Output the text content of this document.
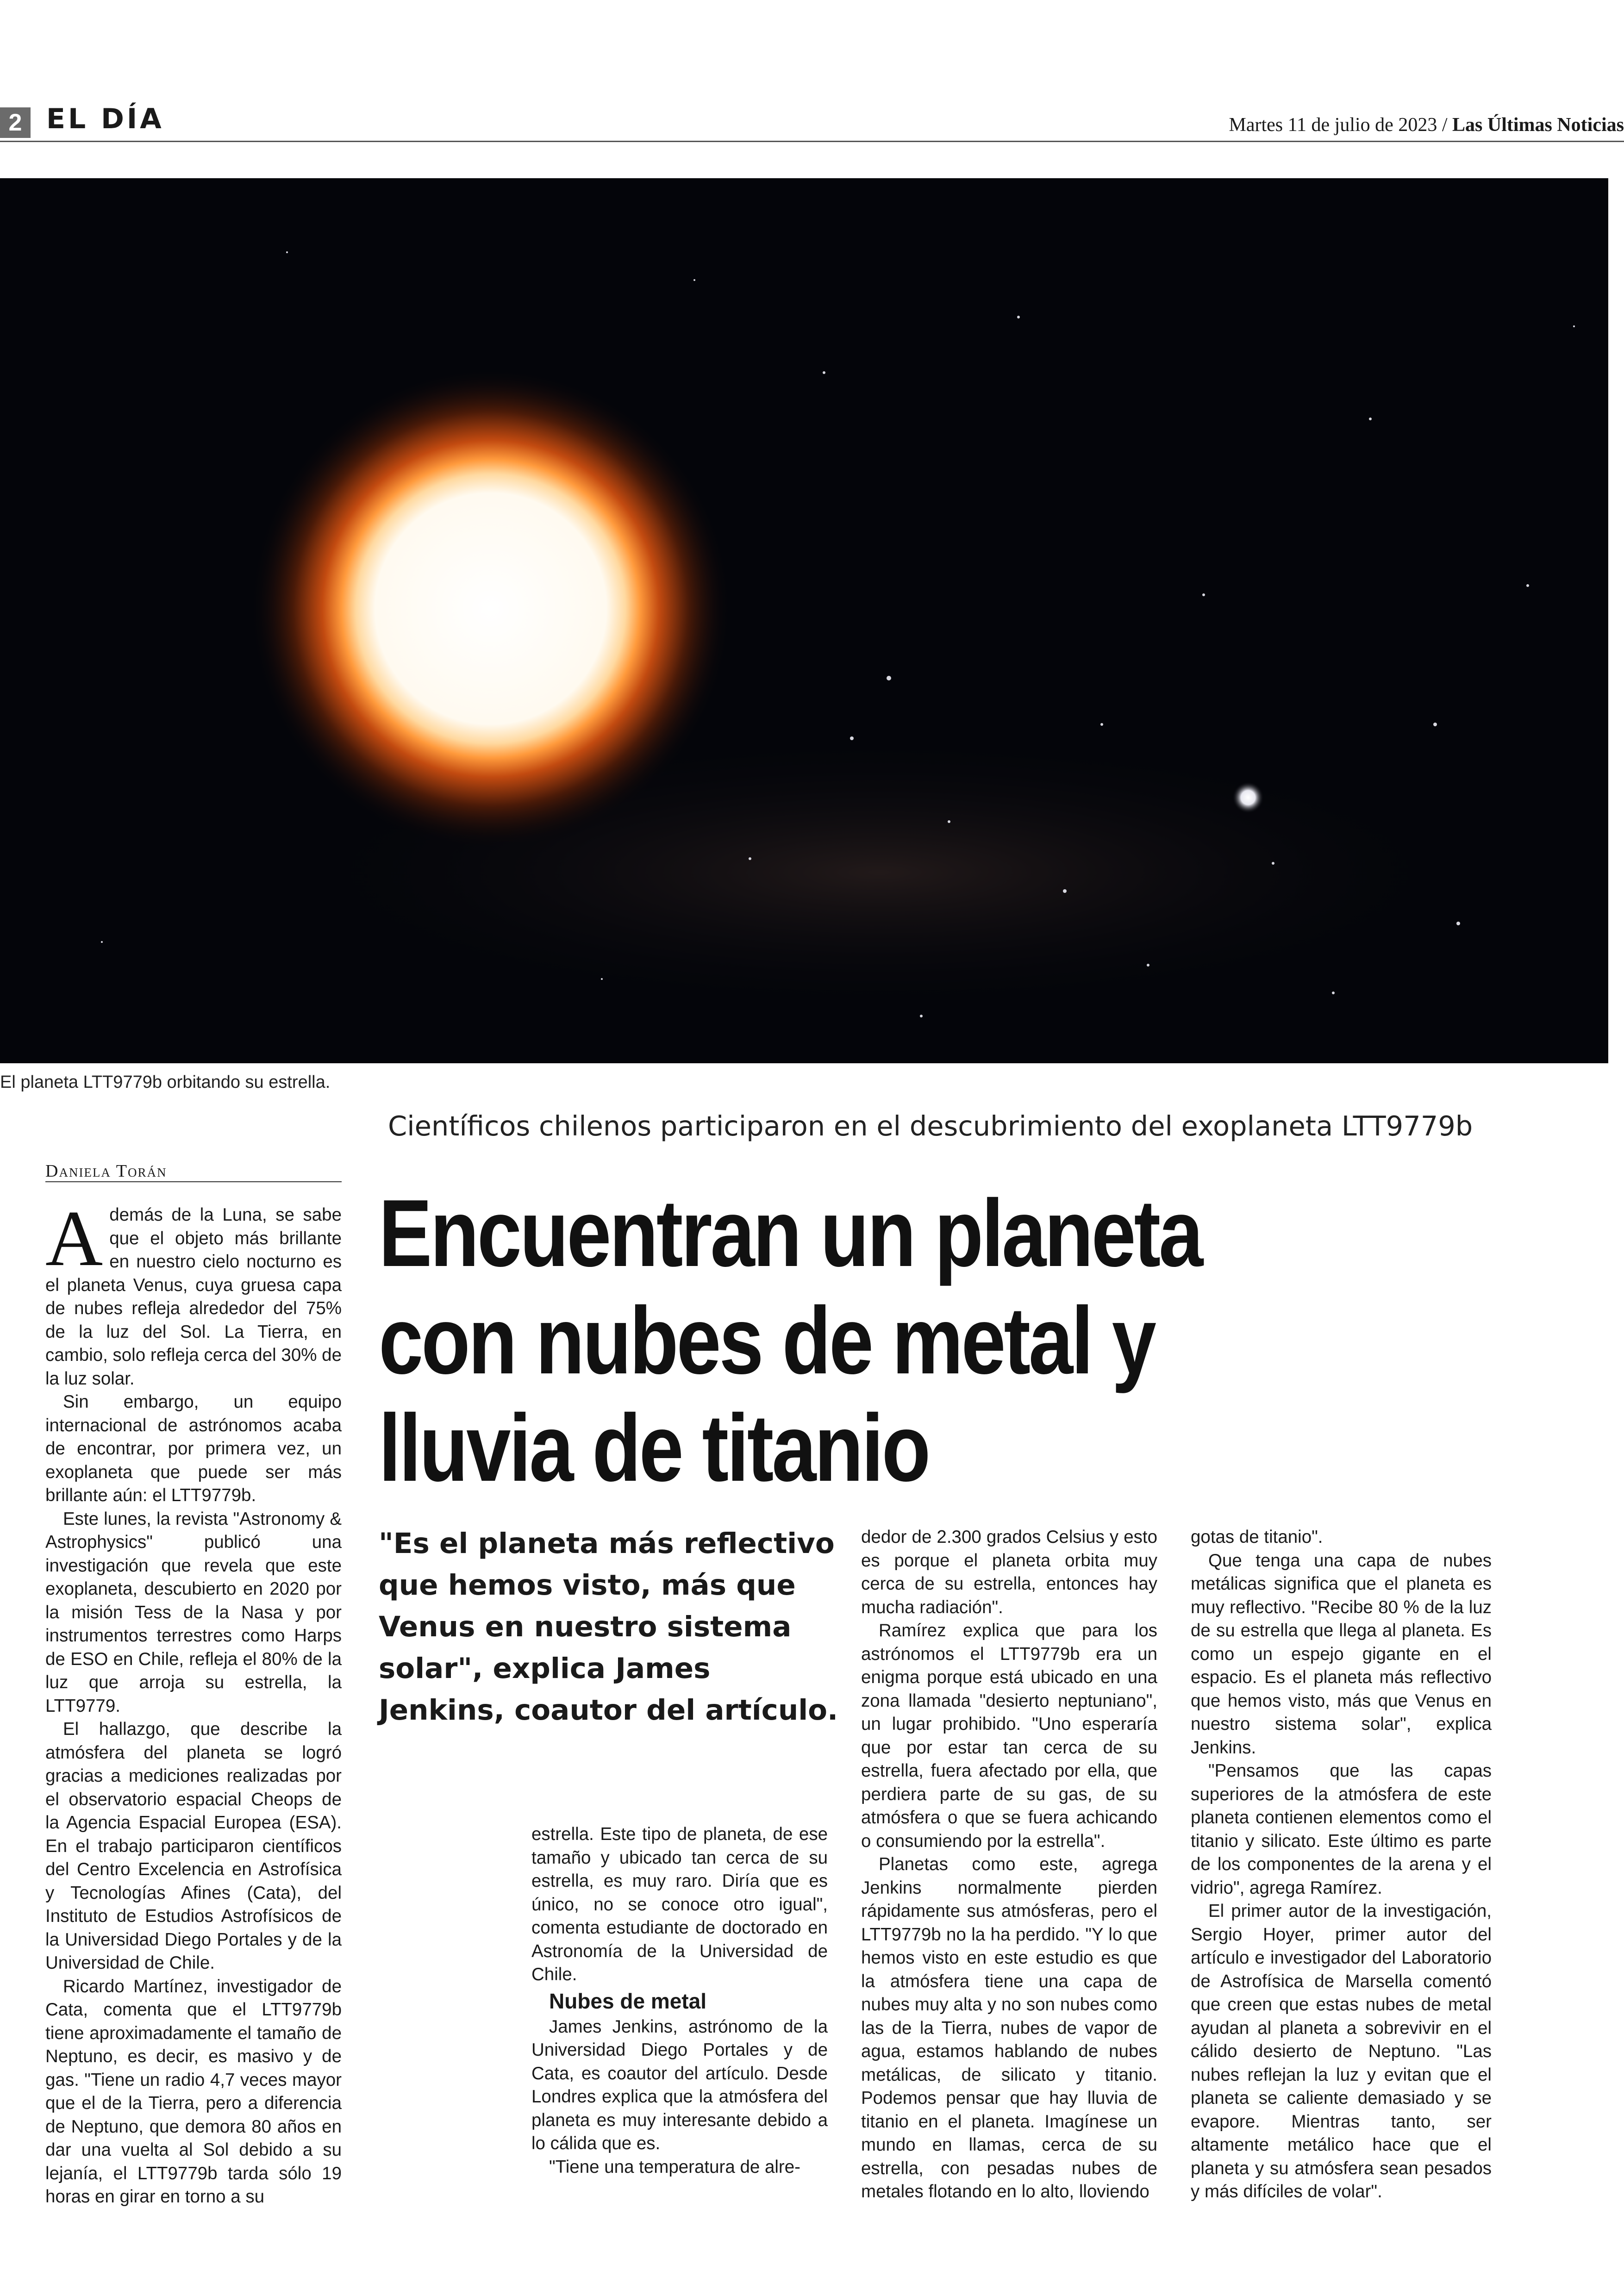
2 EL DÍA	Martes 11 de julio de 2023 / Las Últimas Noticias
El planeta LTT9779b orbitando su estrella.
Científicos chilenos participaron en el descubrimiento del exoplaneta LTT9779b
Daniela Torán
Encuentran un planeta
con nubes de metal y
lluvia de titanio
"Es el planeta más reflectivo que hemos visto, más que Venus en nuestro sistema solar", explica James Jenkins, coautor del artículo.

Además de la Luna, se sabe que el objeto más brillante en nuestro cielo nocturno es el planeta Venus, cuya gruesa capa de nubes refleja alrededor del 75% de la luz del Sol. La Tierra, en cambio, solo refleja cerca del 30% de la luz solar.

Sin embargo, un equipo internacional de astrónomos acaba de encontrar, por primera vez, un exoplaneta que puede ser más brillante aún: el LTT9779b.

Este lunes, la revista "Astronomy & Astrophysics" publicó una investigación que revela que este exoplaneta, descubierto en 2020 por la misión Tess de la Nasa y por instrumentos terrestres como Harps de ESO en Chile, refleja el 80% de la luz que arroja su estrella, la LTT9779.

El hallazgo, que describe la atmósfera del planeta se logró gracias a mediciones realizadas por el observatorio espacial Cheops de la Agencia Espacial Europea (ESA). En el trabajo participaron científicos del Centro Excelencia en Astrofísica y Tecnologías Afines (Cata), del Instituto de Estudios Astrofísicos de la Universidad Diego Portales y de la Universidad de Chile.

Ricardo Martínez, investigador de Cata, comenta que el LTT9779b tiene aproximadamente el tamaño de Neptuno, es decir, es masivo y de gas. "Tiene un radio 4,7 veces mayor que el de la Tierra, pero a diferencia de Neptuno, que demora 80 años en dar una vuelta al Sol debido a su lejanía, el LTT9779b tarda sólo 19 horas en girar en torno a su

estrella. Este tipo de planeta, de ese tamaño y ubicado tan cerca de su estrella, es muy raro. Diría que es único, no se conoce otro igual", comenta estudiante de doctorado en Astronomía de la Universidad de Chile.

Nubes de metal

James Jenkins, astrónomo de la Universidad Diego Portales y de Cata, es coautor del artículo. Desde Londres explica que la atmósfera del planeta es muy interesante debido a lo cálida que es.

"Tiene una temperatura de alre-

dedor de 2.300 grados Celsius y esto es porque el planeta orbita muy cerca de su estrella, entonces hay mucha radiación".

Ramírez explica que para los astrónomos el LTT9779b era un enigma porque está ubicado en una zona llamada "desierto neptuniano", un lugar prohibido. "Uno esperaría que por estar tan cerca de su estrella, fuera afectado por ella, que perdiera parte de su gas, de su atmósfera o que se fuera achicando o consumiendo por la estrella".

Planetas como este, agrega Jenkins normalmente pierden rápidamente sus atmósferas, pero el LTT9779b no la ha perdido. "Y lo que hemos visto en este estudio es que la atmósfera tiene una capa de nubes muy alta y no son nubes como las de la Tierra, nubes de vapor de agua, estamos hablando de nubes metálicas, de silicato y titanio. Podemos pensar que hay lluvia de titanio en el planeta. Imagínese un mundo en llamas, cerca de su estrella, con pesadas nubes de metales flotando en lo alto, lloviendo

gotas de titanio".

Que tenga una capa de nubes metálicas significa que el planeta es muy reflectivo. "Recibe 80 % de la luz de su estrella que llega al planeta. Es como un espejo gigante en el espacio. Es el planeta más reflectivo que hemos visto, más que Venus en nuestro sistema solar", explica Jenkins.

"Pensamos que las capas superiores de la atmósfera de este planeta contienen elementos como el titanio y silicato. Este último es parte de los componentes de la arena y el vidrio", agrega Ramírez.

El primer autor de la investigación, Sergio Hoyer, primer autor del artículo e investigador del Laboratorio de Astrofísica de Marsella comentó que creen que estas nubes de metal ayudan al planeta a sobrevivir en el cálido desierto de Neptuno. "Las nubes reflejan la luz y evitan que el planeta se caliente demasiado y se evapore. Mientras tanto, ser altamente metálico hace que el planeta y su atmósfera sean pesados y más difíciles de volar".
